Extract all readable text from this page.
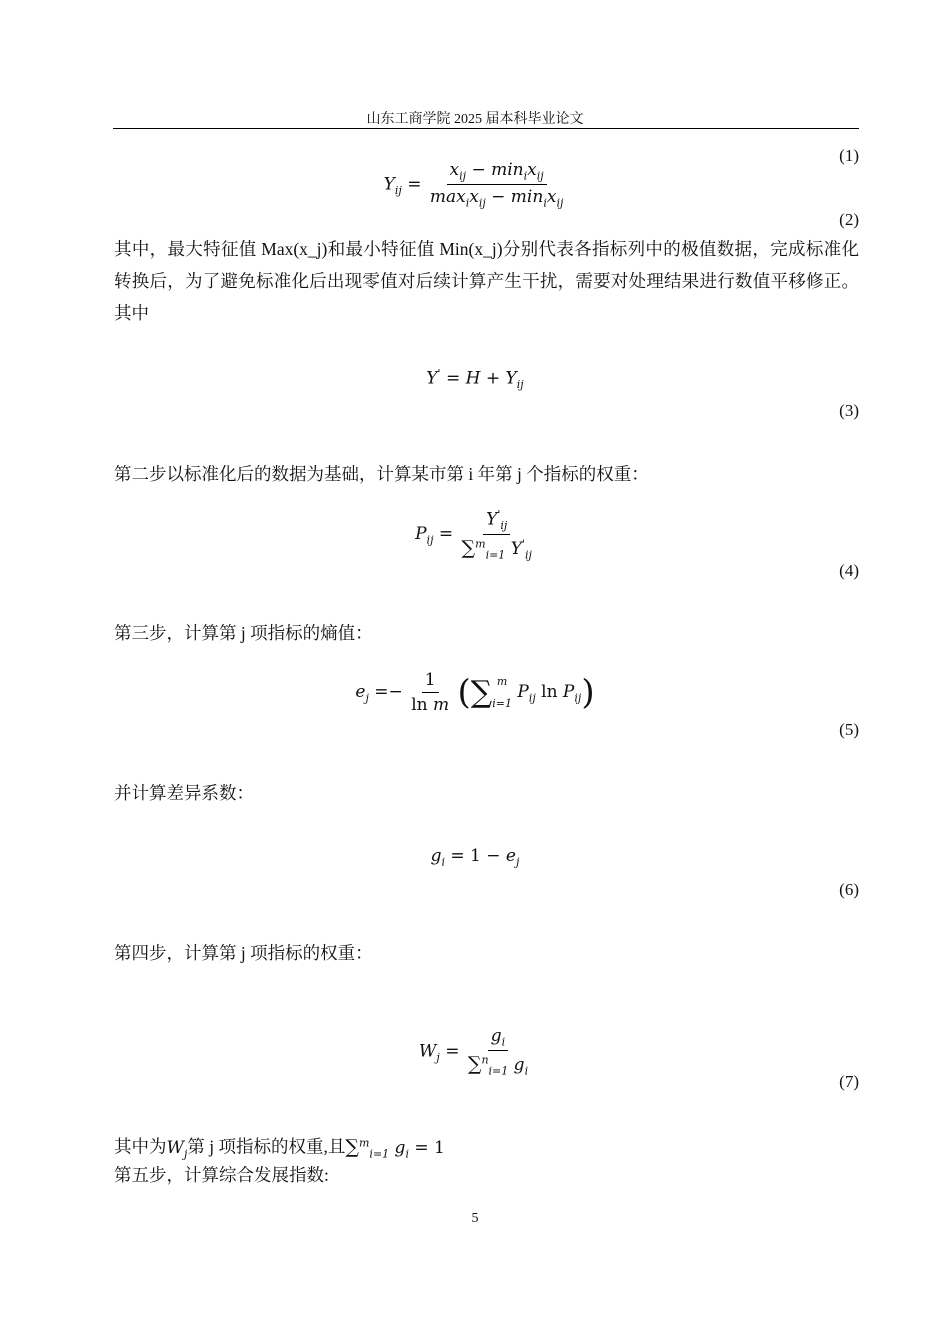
山东工商学院 2025 届本科毕业论文
(1)
$Y_{ij} = \frac{x_{ij} - \min_ix_{ij}}{\max_ix_{ij} - \min_ix_{ij}}$
(2)
其中，最大特征值 Max(x_j)和最小特征值 Min(x_j)分别代表各指标列中的极值数据，完成标准化转换后，为了避免标准化后出现零值对后续计算产生干扰，需要对处理结果进行数值平移修正。其中
$Y' = H + Y_{ij}$
(3)
第二步以标准化后的数据为基础，计算某市第 i 年第 j 个指标的权重：
$P_{ij} = \frac{Y'_{ij}}{\sum^m_{i=1} Y'_{ij}}$
(4)
第三步，计算第 j 项指标的熵值：
$e_j =- \frac{1}{\text{ln m}}$ (∑ m
i=1
$P_{ij}$ $\ln P_{ij}$)
(5)
并计算差异系数：
$g_i = 1 - e_j$
(6)
第四步，计算第 j 项指标的权重：
$W_j = \frac{g_i}{\sum^n_{i=1} g_i}$
(7)
其中为$W_j$第 j 项指标的权重,且∑$^m_{i=1}$ $g_i = 1$
第五步，计算综合发展指数:
5
